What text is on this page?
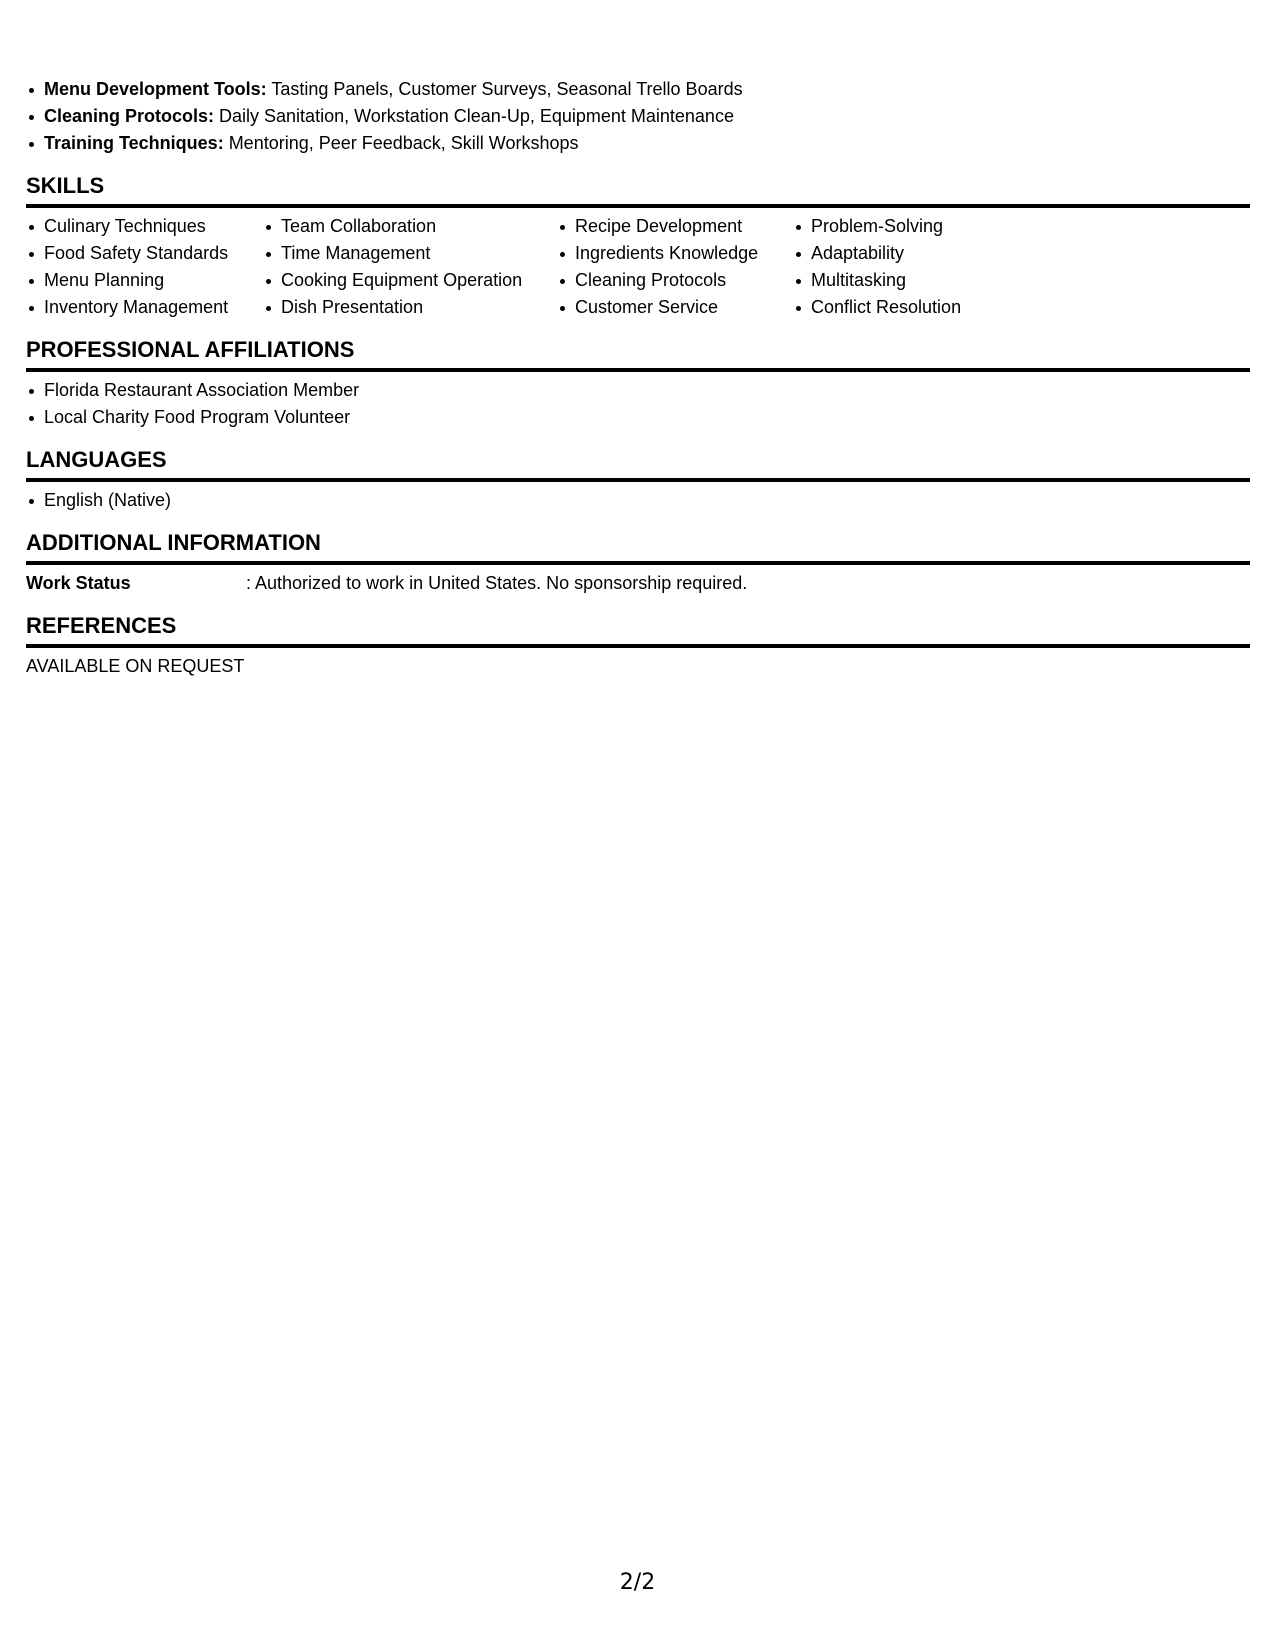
Menu Development Tools: Tasting Panels, Customer Surveys, Seasonal Trello Boards
Cleaning Protocols: Daily Sanitation, Workstation Clean-Up, Equipment Maintenance
Training Techniques: Mentoring, Peer Feedback, Skill Workshops
SKILLS
Culinary Techniques
Food Safety Standards
Menu Planning
Inventory Management
Team Collaboration
Time Management
Cooking Equipment Operation
Dish Presentation
Recipe Development
Ingredients Knowledge
Cleaning Protocols
Customer Service
Problem-Solving
Adaptability
Multitasking
Conflict Resolution
PROFESSIONAL AFFILIATIONS
Florida Restaurant Association Member
Local Charity Food Program Volunteer
LANGUAGES
English (Native)
ADDITIONAL INFORMATION
Work Status	: Authorized to work in United States. No sponsorship required.
REFERENCES
AVAILABLE ON REQUEST
2/2
